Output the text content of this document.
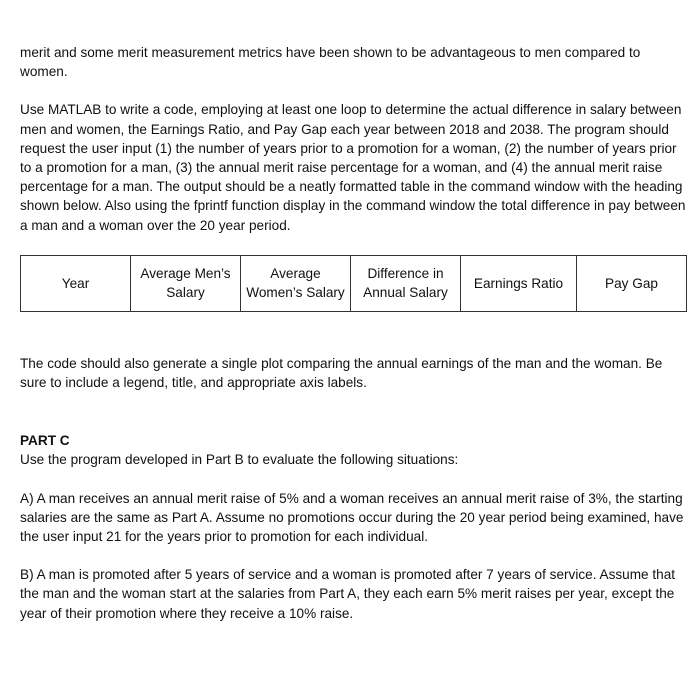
merit and some merit measurement metrics have been shown to be advantageous to men compared to women.

Use MATLAB to write a code, employing at least one loop to determine the actual difference in salary between men and women, the Earnings Ratio, and Pay Gap each year between 2018 and 2038. The program should request the user input (1) the number of years prior to a promotion for a woman, (2) the number of years prior to a promotion for a man, (3) the annual merit raise percentage for a woman, and (4) the annual merit raise percentage for a man. The output should be a neatly formatted table in the command window with the heading shown below. Also using the fprintf function display in the command window the total difference in pay between a man and a woman over the 20 year period.

Year	Average Men’s Salary	Average Women’s Salary	Difference in Annual Salary	Earnings Ratio	Pay Gap

The code should also generate a single plot comparing the annual earnings of the man and the woman. Be sure to include a legend, title, and appropriate axis labels.

PART C

Use the program developed in Part B to evaluate the following situations:

A) A man receives an annual merit raise of 5% and a woman receives an annual merit raise of 3%, the starting salaries are the same as Part A. Assume no promotions occur during the 20 year period being examined, have the user input 21 for the years prior to promotion for each individual.

B) A man is promoted after 5 years of service and a woman is promoted after 7 years of service. Assume that the man and the woman start at the salaries from Part A, they each earn 5% merit raises per year, except the year of their promotion where they receive a 10% raise.
